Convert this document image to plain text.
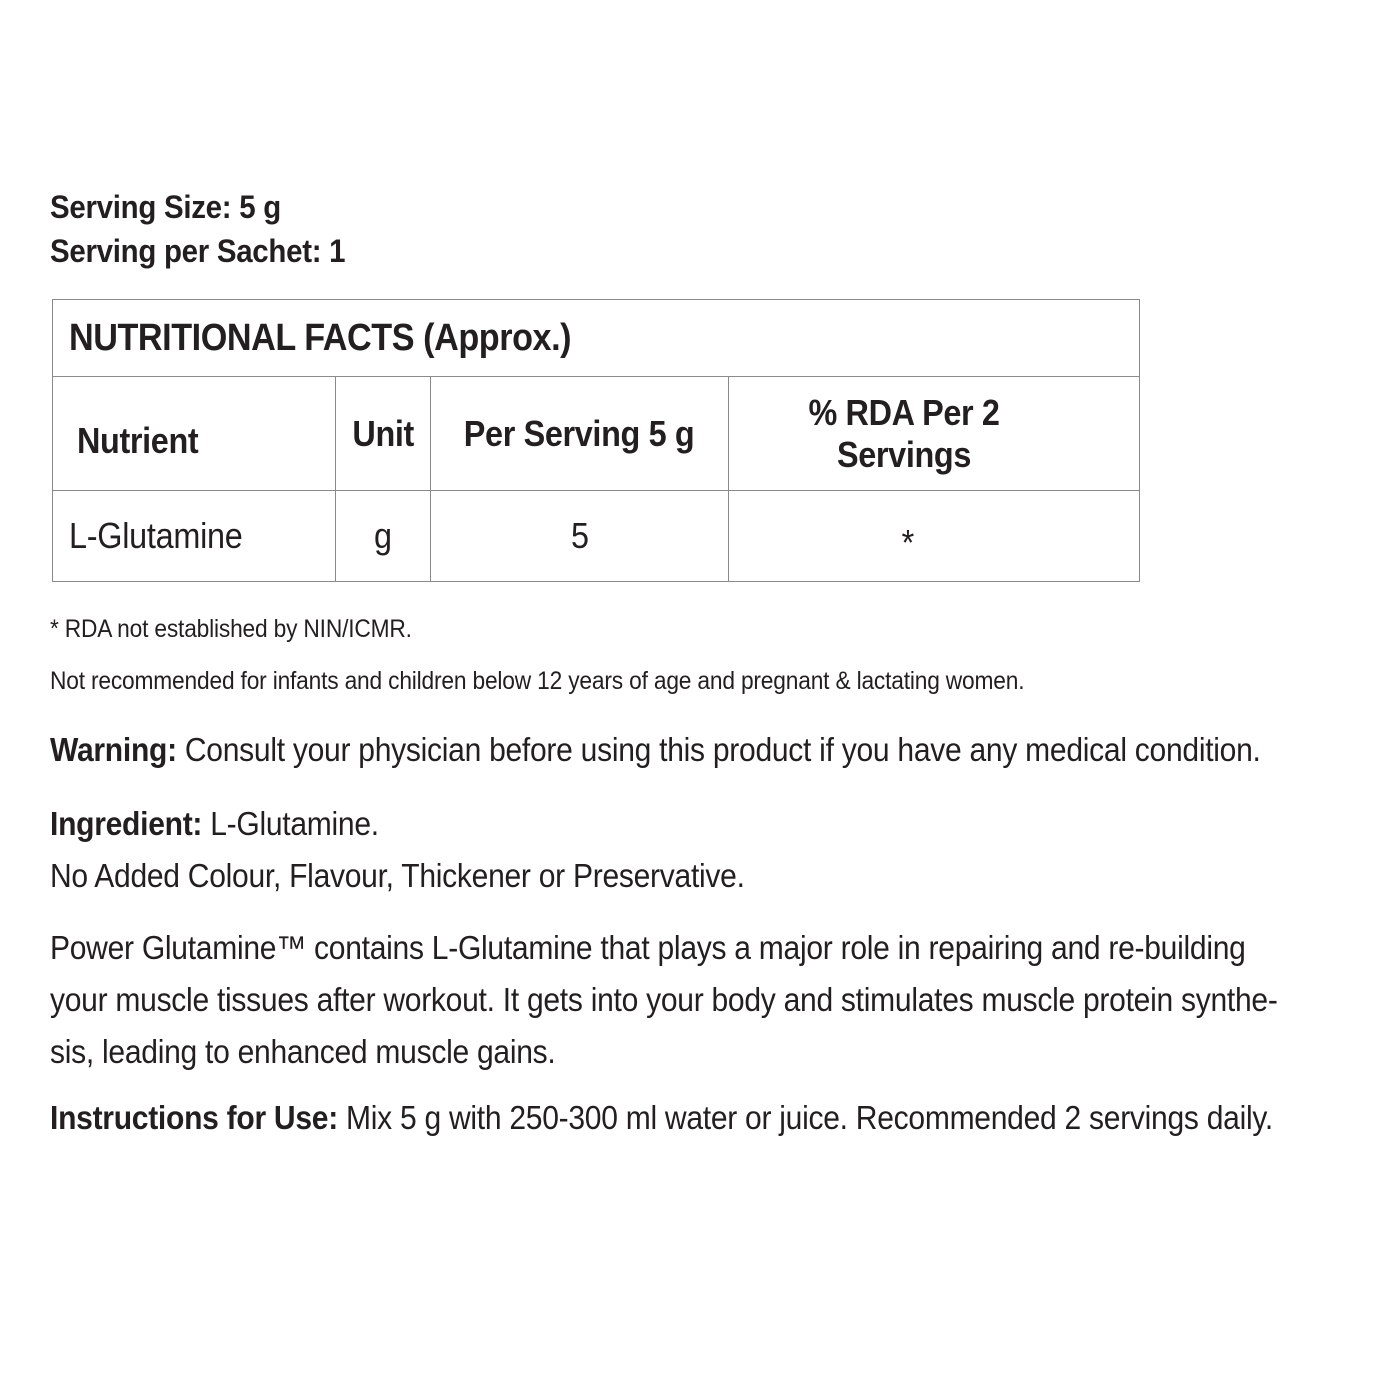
Serving Size: 5 g
Serving per Sachet: 1
NUTRITIONAL FACTS (Approx.)			
Nutrient	Unit	Per Serving 5 g	% RDA Per 2 Servings
L-Glutamine	g	5	*
* RDA not established by NIN/ICMR.
Not recommended for infants and children below 12 years of age and pregnant & lactating women.
Warning: Consult your physician before using this product if you have any medical condition.
Ingredient: L-Glutamine.
No Added Colour, Flavour, Thickener or Preservative.
Power Glutamine™ contains L-Glutamine that plays a major role in repairing and re-building
your muscle tissues after workout. It gets into your body and stimulates muscle protein synthe-
sis, leading to enhanced muscle gains.
Instructions for Use: Mix 5 g with 250-300 ml water or juice. Recommended 2 servings daily.
